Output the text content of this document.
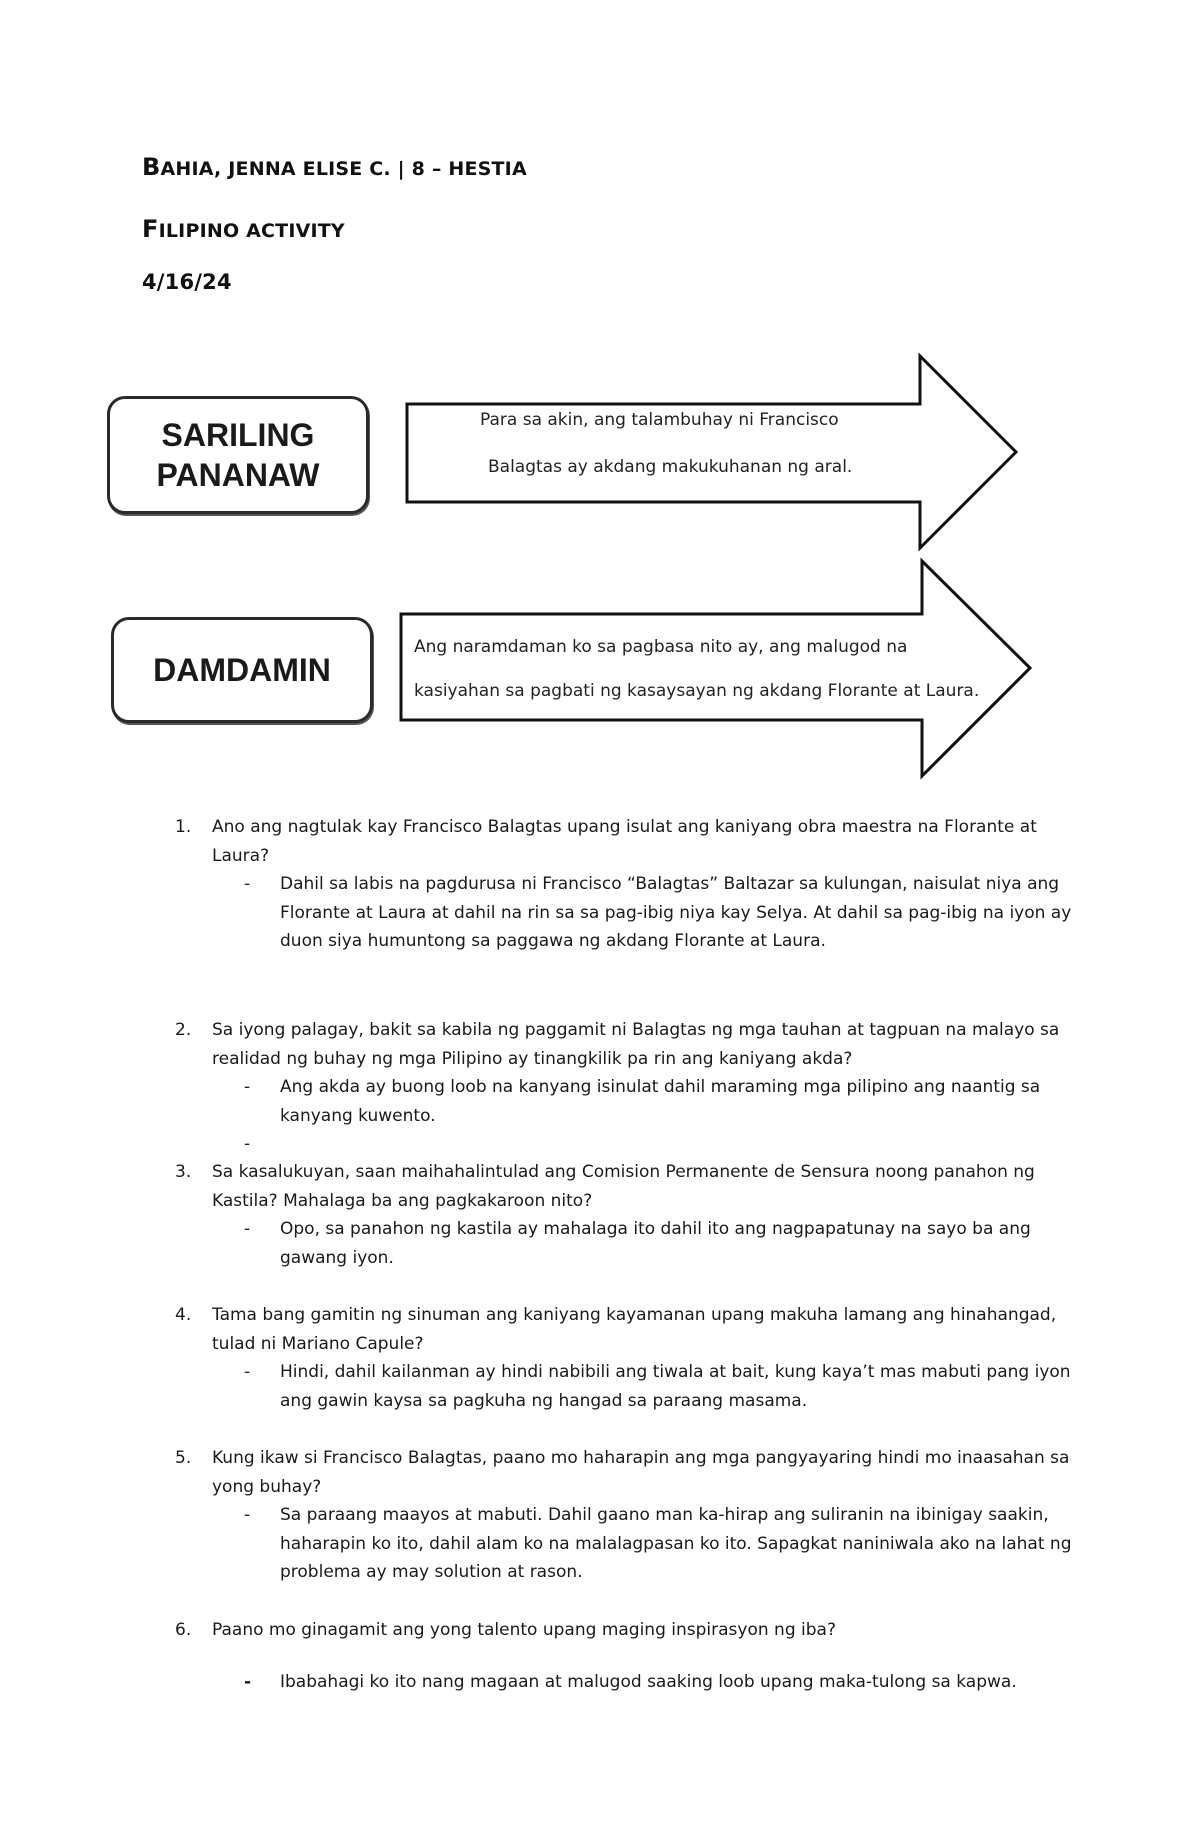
BAHIA, JENNA ELISE C. | 8 – HESTIA
FILIPINO ACTIVITY
4/16/24
SARILING
PANANAW
Para sa akin, ang talambuhay ni Francisco
Balagtas ay akdang makukuhanan ng aral.
DAMDAMIN
Ang naramdaman ko sa pagbasa nito ay, ang malugod na
kasiyahan sa pagbati ng kasaysayan ng akdang Florante at Laura.
1. Ano ang nagtulak kay Francisco Balagtas upang isulat ang kaniyang obra maestra na Florante at Laura?
- Dahil sa labis na pagdurusa ni Francisco “Balagtas” Baltazar sa kulungan, naisulat niya ang Florante at Laura at dahil na rin sa sa pag-ibig niya kay Selya. At dahil sa pag-ibig na iyon ay duon siya humuntong sa paggawa ng akdang Florante at Laura.
2. Sa iyong palagay, bakit sa kabila ng paggamit ni Balagtas ng mga tauhan at tagpuan na malayo sa realidad ng buhay ng mga Pilipino ay tinangkilik pa rin ang kaniyang akda?
- Ang akda ay buong loob na kanyang isinulat dahil maraming mga pilipino ang naantig sa kanyang kuwento.
-
3. Sa kasalukuyan, saan maihahalintulad ang Comision Permanente de Sensura noong panahon ng Kastila? Mahalaga ba ang pagkakaroon nito?
- Opo, sa panahon ng kastila ay mahalaga ito dahil ito ang nagpapatunay na sayo ba ang gawang iyon.
4. Tama bang gamitin ng sinuman ang kaniyang kayamanan upang makuha lamang ang hinahangad, tulad ni Mariano Capule?
- Hindi, dahil kailanman ay hindi nabibili ang tiwala at bait, kung kaya’t mas mabuti pang iyon ang gawin kaysa sa pagkuha ng hangad sa paraang masama.
5. Kung ikaw si Francisco Balagtas, paano mo haharapin ang mga pangyayaring hindi mo inaasahan sa yong buhay?
- Sa paraang maayos at mabuti. Dahil gaano man ka-hirap ang suliranin na ibinigay saakin, haharapin ko ito, dahil alam ko na malalagpasan ko ito. Sapagkat naniniwala ako na lahat ng problema ay may solution at rason.
6. Paano mo ginagamit ang yong talento upang maging inspirasyon ng iba?
- Ibabahagi ko ito nang magaan at malugod saaking loob upang maka-tulong sa kapwa.
